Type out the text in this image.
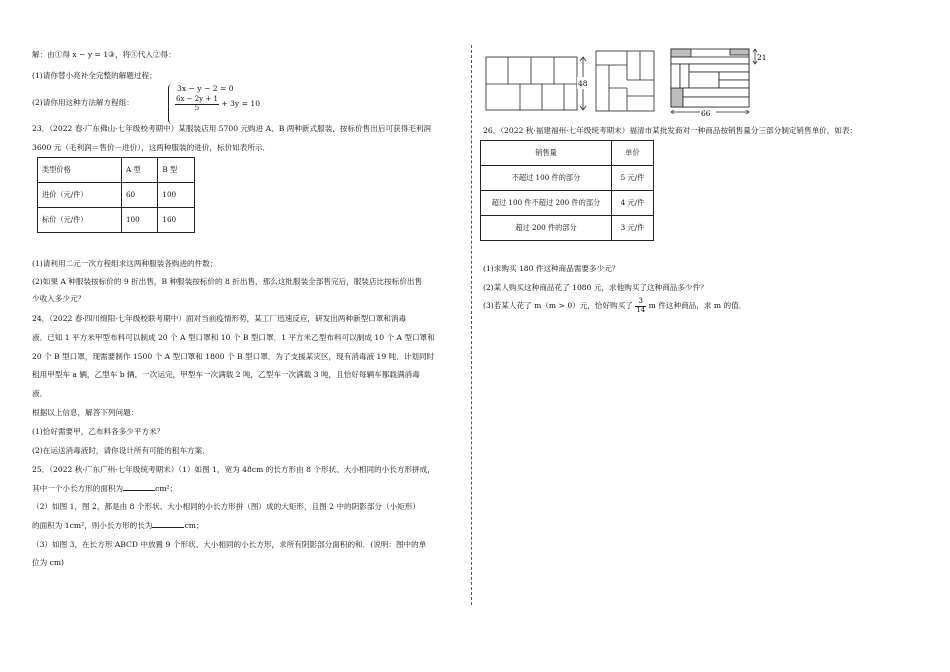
解：由①得 x − y = 1③，将③代入②得：
(1)请你替小亮补全完整的解题过程；
(2)请你用这种方法解方程组：
3x − y − 2 = 0
$\frac{6x - 2y + 1}{5} + 3y = 10$
23．（2022 春·广东佛山·七年级校考期中）某服装店用 5700 元购进 A、B 两种新式服装，按标价售出后可获得毛利润
3600 元（毛利润＝售价－进价），这两种服装的进价，标价如表所示．
类型价格	A 型	B 型
进价（元/件）	60	100
标价（元/件）	100	160
(1)请利用二元一次方程组求这两种服装各购进的件数；
(2)如果 A 种服装按标价的 9 折出售，B 种服装按标价的 8 折出售，那么这批服装全部售完后，服装店比按标价出售
少收入多少元？
24．（2022 春·四川绵阳·七年级校联考期中）面对当前疫情形势，某工厂迅速反应，研发出两种新型口罩和消毒
液．已知 1 平方米甲型布料可以制成 20 个 A 型口罩和 10 个 B 型口罩．1 平方米乙型布料可以制成 10 个 A 型口罩和
20 个 B 型口罩，现需要制作 1500 个 A 型口罩和 1800 个 B 型口罩．为了支援某灾区，现有消毒液 19 吨．计划同时
租用甲型车 a 辆，乙型车 b 辆，一次运完，甲型车一次满载 2 吨，乙型车一次满载 3 吨，且恰好每辆车都载满消毒
液．
根据以上信息，解答下列问题：
(1)恰好需要甲，乙布料各多少平方米？
(2)在运送消毒液时，请你设计所有可能的租车方案．
25．（2022 秋·广东广州·七年级统考期末）（1）如图 1，宽为 48cm 的长方形由 8 个形状、大小相同的小长方形拼成，
其中一个小长方形的面积为	cm²；
（2）如图 1，图 2，都是由 8 个形状、大小相同的小长方形拼（图）成的大矩形，且图 2 中的阴影部分（小矩形）
的面积为 1cm²，则小长方形的长为	cm；
（3）如图 3，在长方形 ABCD 中放置 9 个形状、大小相同的小长方形，求所有阴影部分面积的和．(说明：图中的单
位为 cm)
48
21
66
26．（2022 秋·福建福州·七年级统考期末）福清市某批发商对一种商品按销售量分三部分制定销售单价，如表：
销售量	单价
不超过 100 件的部分	5 元/件
超过 100 件不超过 200 件的部分	4 元/件
超过 200 件的部分	3 元/件
(1)求购买 180 件这种商品需要多少元？
(2)某人购买这种商品花了 1080 元，求他购买了这种商品多少件？
(3)若某人花了 m（m > 0）元，恰好购买了 $\frac{3}{14}$ m 件这种商品，求 m 的值．
